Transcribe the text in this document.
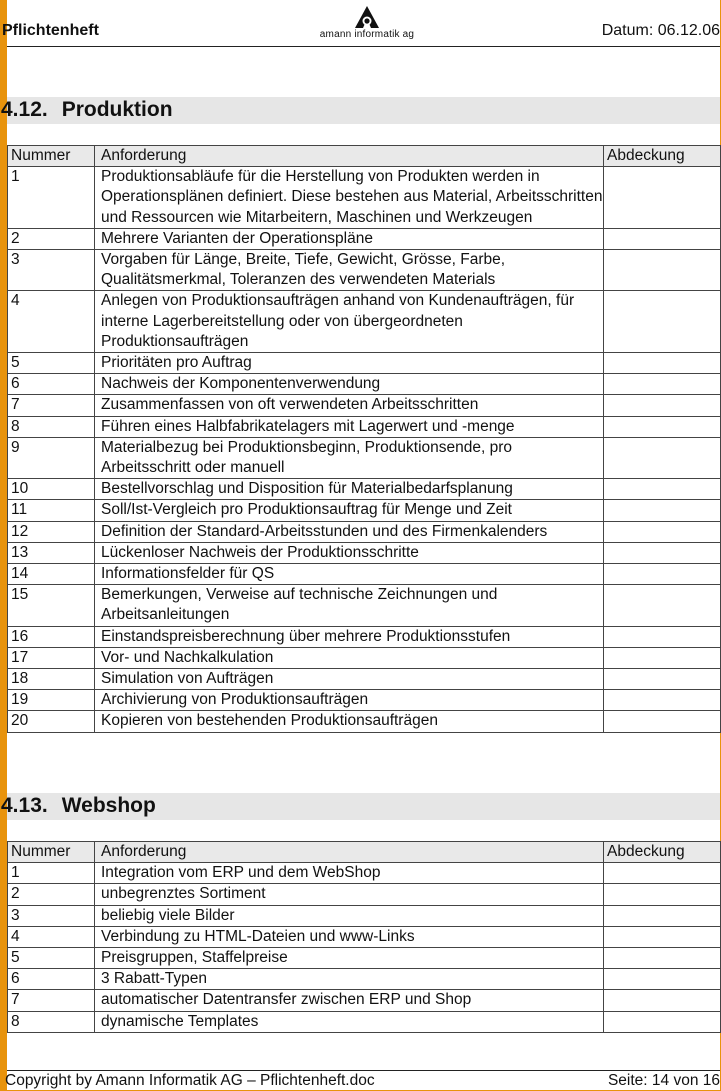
Pflichtenheft	amann informatik ag	Datum: 06.12.06
4.12. Produktion
Nummer	Anforderung	Abdeckung
1	Produktionsabläufe für die Herstellung von Produkten werden in Operationsplänen definiert. Diese bestehen aus Material, Arbeitsschritten und Ressourcen wie Mitarbeitern, Maschinen und Werkzeugen	
2	Mehrere Varianten der Operationspläne	
3	Vorgaben für Länge, Breite, Tiefe, Gewicht, Grösse, Farbe, Qualitätsmerkmal, Toleranzen des verwendeten Materials	
4	Anlegen von Produktionsaufträgen anhand von Kundenaufträgen, für interne Lagerbereitstellung oder von übergeordneten Produktionsaufträgen	
5	Prioritäten pro Auftrag	
6	Nachweis der Komponentenverwendung	
7	Zusammenfassen von oft verwendeten Arbeitsschritten	
8	Führen eines Halbfabrikatelagers mit Lagerwert und -menge	
9	Materialbezug bei Produktionsbeginn, Produktionsende, pro Arbeitsschritt oder manuell	
10	Bestellvorschlag und Disposition für Materialbedarfsplanung	
11	Soll/Ist-Vergleich pro Produktionsauftrag für Menge und Zeit	
12	Definition der Standard-Arbeitsstunden und des Firmenkalenders	
13	Lückenloser Nachweis der Produktionsschritte	
14	Informationsfelder für QS	
15	Bemerkungen, Verweise auf technische Zeichnungen und Arbeitsanleitungen	
16	Einstandspreisberechnung über mehrere Produktionsstufen	
17	Vor- und Nachkalkulation	
18	Simulation von Aufträgen	
19	Archivierung von Produktionsaufträgen	
20	Kopieren von bestehenden Produktionsaufträgen	
4.13. Webshop
Nummer	Anforderung	Abdeckung
1	Integration vom ERP und dem WebShop	
2	unbegrenztes Sortiment	
3	beliebig viele Bilder	
4	Verbindung zu HTML-Dateien und www-Links	
5	Preisgruppen, Staffelpreise	
6	3 Rabatt-Typen	
7	automatischer Datentransfer zwischen ERP und Shop	
8	dynamische Templates	
Copyright by Amann Informatik AG – Pflichtenheft.doc	Seite: 14 von 16
